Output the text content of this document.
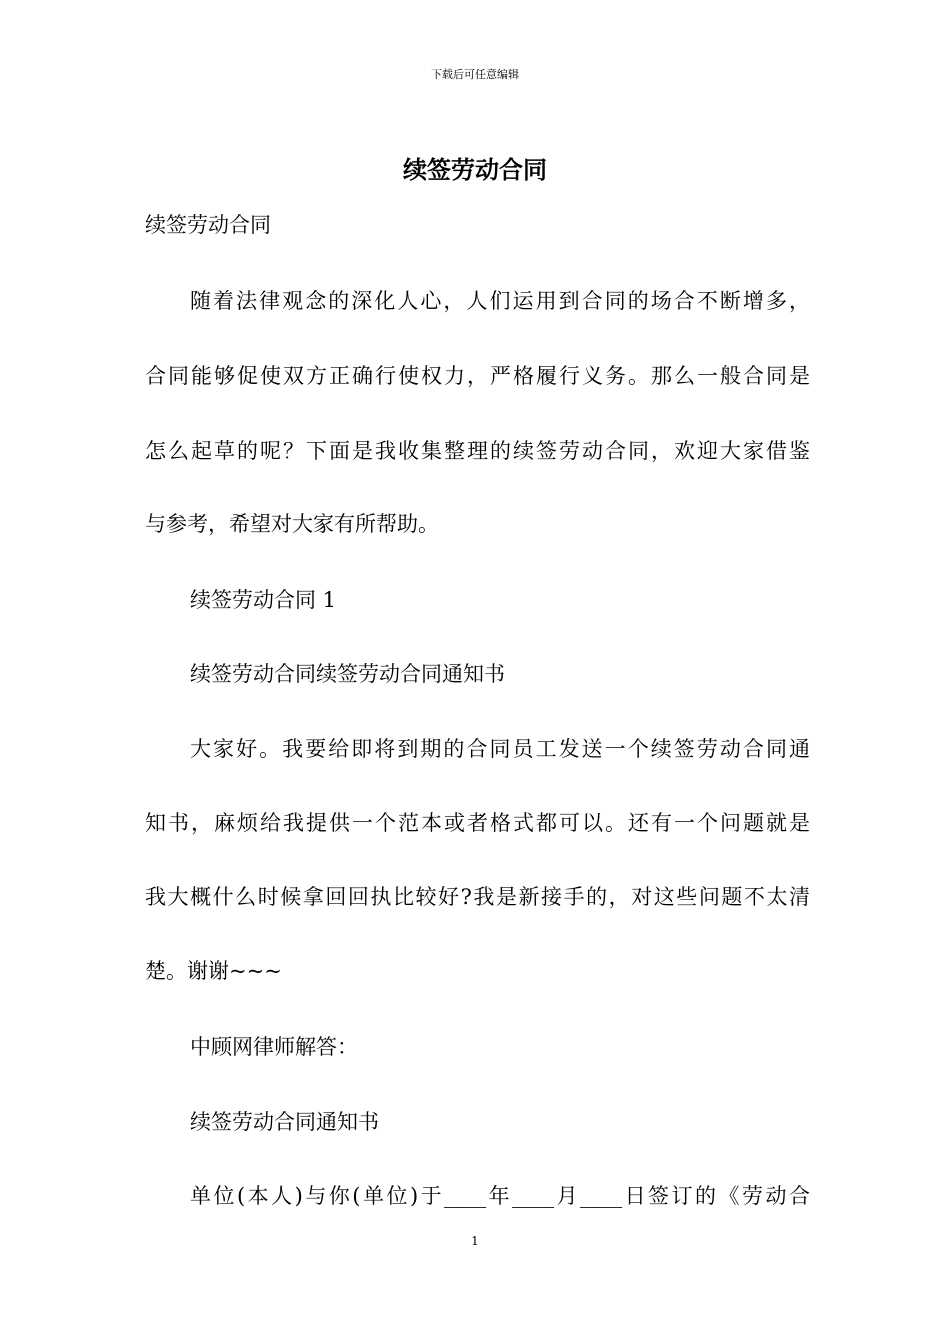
下载后可任意编辑
续签劳动合同
续签劳动合同
随着法律观念的深化人心，人们运用到合同的场合不断增多，
合同能够促使双方正确行使权力，严格履行义务。那么一般合同是
怎么起草的呢？下面是我收集整理的续签劳动合同，欢迎大家借鉴
与参考，希望对大家有所帮助。
续签劳动合同 1
续签劳动合同续签劳动合同通知书
大家好。我要给即将到期的合同员工发送一个续签劳动合同通
知书，麻烦给我提供一个范本或者格式都可以。还有一个问题就是
我大概什么时候拿回回执比较好?我是新接手的，对这些问题不太清
楚。谢谢~~~
中顾网律师解答：
续签劳动合同通知书
单位(本人)与你(单位)于____年____月____日签订的《劳动合
1
